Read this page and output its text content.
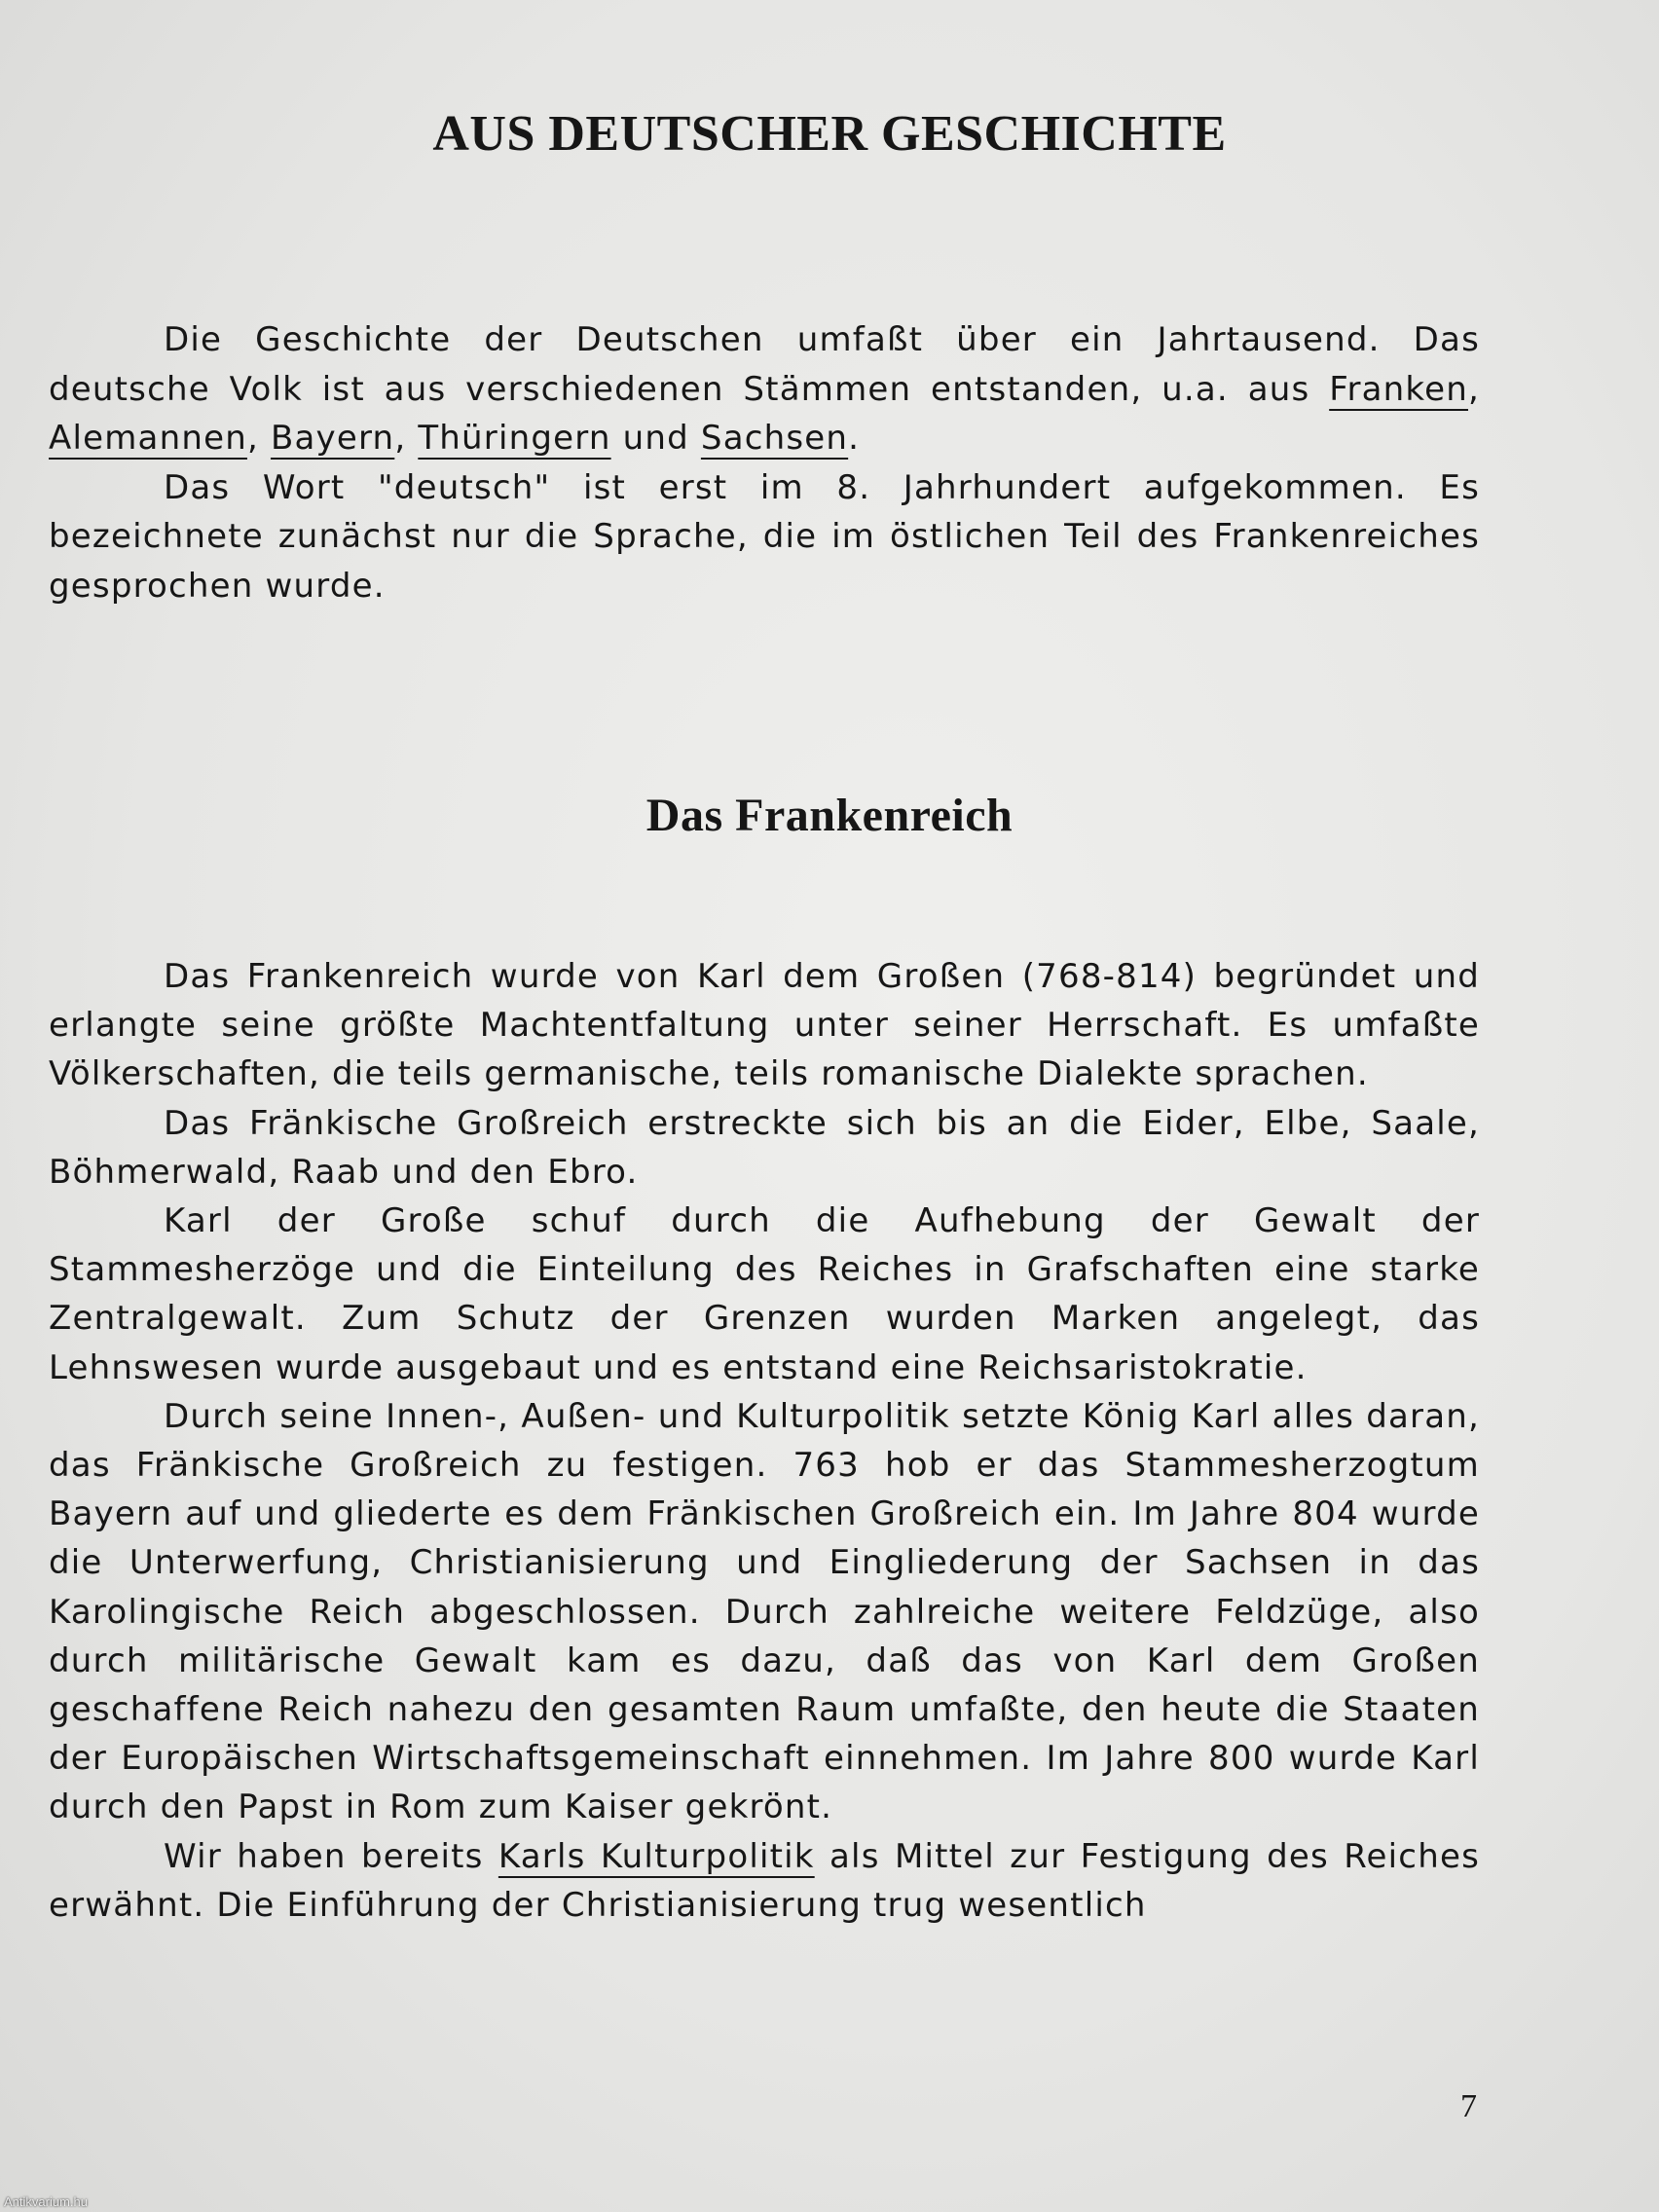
AUS DEUTSCHER GESCHICHTE

Die Geschichte der Deutschen umfaßt über ein Jahrtausend. Das deutsche Volk ist aus verschiedenen Stämmen entstanden, u.a. aus Franken, Alemannen, Bayern, Thüringern und Sachsen.

Das Wort "deutsch" ist erst im 8. Jahrhundert aufgekommen. Es bezeichnete zunächst nur die Sprache, die im östlichen Teil des Frankenreiches gesprochen wurde.

Das Frankenreich

Das Frankenreich wurde von Karl dem Großen (768-814) begründet und erlangte seine größte Machtentfaltung unter seiner Herrschaft. Es umfaßte Völkerschaften, die teils germanische, teils romanische Dialekte sprachen.

Das Fränkische Großreich erstreckte sich bis an die Eider, Elbe, Saale, Böhmerwald, Raab und den Ebro.

Karl der Große schuf durch die Aufhebung der Gewalt der Stammesherzöge und die Einteilung des Reiches in Grafschaften eine starke Zentralgewalt. Zum Schutz der Grenzen wurden Marken angelegt, das Lehnswesen wurde ausgebaut und es entstand eine Reichsaristokratie.

Durch seine Innen-, Außen- und Kulturpolitik setzte König Karl alles daran, das Fränkische Großreich zu festigen. 763 hob er das Stammesherzogtum Bayern auf und gliederte es dem Fränkischen Großreich ein. Im Jahre 804 wurde die Unterwerfung, Christianisierung und Eingliederung der Sachsen in das Karolingische Reich abgeschlossen. Durch zahlreiche weitere Feldzüge, also durch militärische Gewalt kam es dazu, daß das von Karl dem Großen geschaffene Reich nahezu den gesamten Raum umfaßte, den heute die Staaten der Europäischen Wirtschaftsgemeinschaft einnehmen. Im Jahre 800 wurde Karl durch den Papst in Rom zum Kaiser gekrönt.

Wir haben bereits Karls Kulturpolitik als Mittel zur Festigung des Reiches erwähnt. Die Einführung der Christianisierung trug wesentlich

7

Antikvarium.hu
